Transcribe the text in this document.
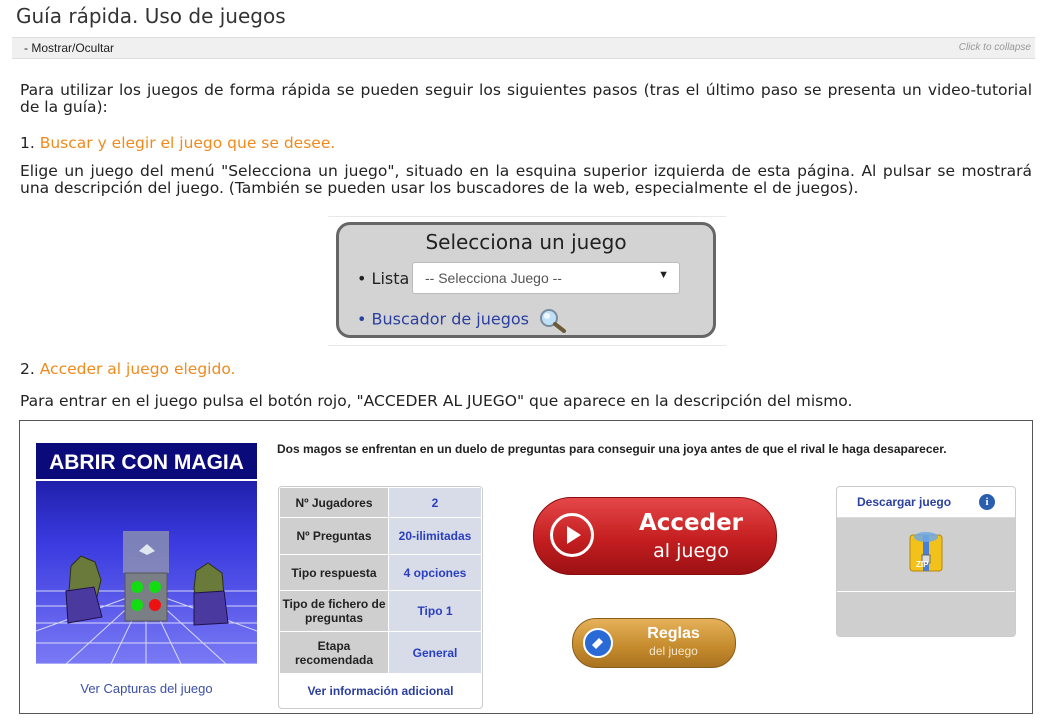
Guía rápida. Uso de juegos
- Mostrar/Ocultar	Click to collapse

Para utilizar los juegos de forma rápida se pueden seguir los siguientes pasos (tras el último paso se presenta un video-tutorial de la guía):

1. Buscar y elegir el juego que se desee.

Elige un juego del menú "Selecciona un juego", situado en la esquina superior izquierda de esta página. Al pulsar se mostrará una descripción del juego. (También se pueden usar los buscadores de la web, especialmente el de juegos).

Selecciona un juego
• Lista	-- Selecciona Juego --	▼
• Buscador de juegos
2. Acceder al juego elegido.

Para entrar en el juego pulsa el botón rojo, "ACCEDER AL JUEGO" que aparece en la descripción del mismo.

ABRIR CON MAGIA
Ver Capturas del juego
Dos magos se enfrentan en un duelo de preguntas para conseguir una joya antes de que el rival le haga desaparecer.
Nº Jugadores	2
Nº Preguntas	20-ilimitadas
Tipo respuesta	4 opciones
Tipo de fichero de preguntas	Tipo 1
Etapa recomendada	General
Ver información adicional
Acceder
al juego
Reglas
del juego
Descargar juego	i
ZIP
